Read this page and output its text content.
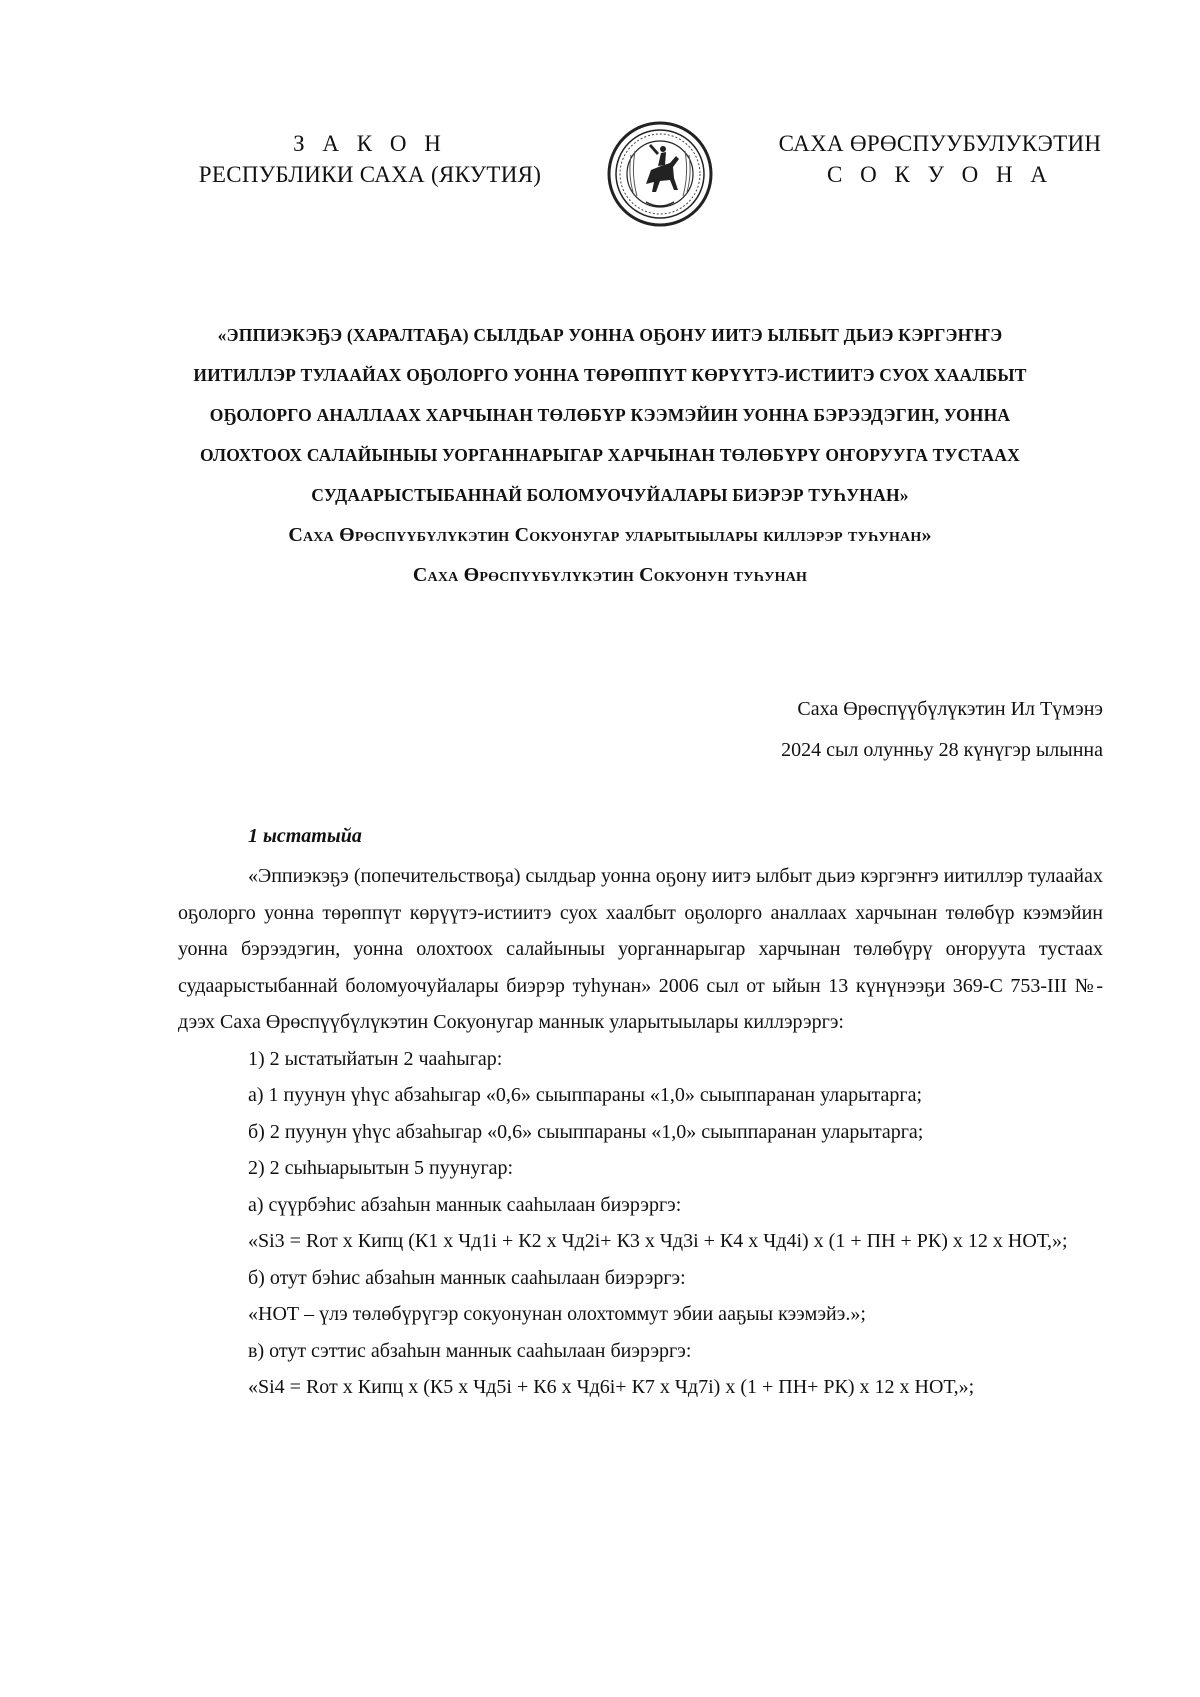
З А К О Н
РЕСПУБЛИКИ САХА (ЯКУТИЯ)
САХА ӨРӨСПУУБУЛУКЭТИН
С О К У О Н А
«ЭППИЭКЭҔЭ (ХАРАЛТАҔА) СЫЛДЬАР УОННА ОҔОНУ ИИТЭ ЫЛБЫТ ДЬИЭ КЭРГЭҤҤЭ
ИИТИЛЛЭР ТУЛААЙАХ ОҔОЛОРГО УОННА ТӨРӨППҮТ КӨРҮҮТЭ-ИСТИИТЭ СУОХ ХААЛБЫТ
ОҔОЛОРГО АНАЛЛААХ ХАРЧЫНАН ТӨЛӨБҮР КЭЭМЭЙИН УОННА БЭРЭЭДЭГИН, УОННА
ОЛОХТООХ САЛАЙЫНЫЫ УОРГАННАРЫГАР ХАРЧЫНАН ТӨЛӨБҮРҮ ОҤОРУУГА ТУСТААХ
СУДААРЫСТЫБАННАЙ БОЛОМУОЧУЙАЛАРЫ БИЭРЭР ТУҺУНАН»
Саха Өрөспүүбүлүкэтин Сокуонугар уларытыылары киллэрэр туһунан»
Саха Өрөспүүбүлүкэтин Сокуонун туһунан
Саха Өрөспүүбүлүкэтин Ил Түмэнэ
2024 сыл олунньу 28 күнүгэр ылынна
1 ыстатыйа

«Эппиэкэҕэ (попечительствоҕа) сылдьар уонна оҕону иитэ ылбыт дьиэ кэргэҥҥэ иитиллэр тулаайах оҕолорго уонна төрөппүт көрүүтэ-истиитэ суох хаалбыт оҕолорго аналлаах харчынан төлөбүр кээмэйин уонна бэрээдэгин, уонна олохтоох салайыныы уорганнарыгар харчынан төлөбүрү оҥоруута тустаах судаарыстыбаннай боломуочуйалары биэрэр туһунан» 2006 сыл от ыйын 13 күнүнээҕи 369-С 753-III №-дээх Саха Өрөспүүбүлүкэтин Сокуонугар маннык уларытыылары киллэрэргэ:

1) 2 ыстатыйатын 2 чааһыгар:

а) 1 пуунун үһүс абзаһыгар «0,6» сыыппараны «1,0» сыыппаранан уларытарга;

б) 2 пуунун үһүс абзаһыгар «0,6» сыыппараны «1,0» сыыппаранан уларытарга;

2) 2 сыһыарыытын 5 пуунугар:

а) сүүрбэһис абзаһын маннык сааһылаан биэрэргэ:

«Si3 = Rот х Кипц (К1 х Чд1i + К2 х Чд2i+ К3 х Чд3i + К4 х Чд4i) х (1 + ПН + РК) х 12 х НОТ,»;

б) отут бэһис абзаһын маннык сааһылаан биэрэргэ:

«НОТ – үлэ төлөбүрүгэр сокуонунан олохтоммут эбии ааҕыы кээмэйэ.»;

в) отут сэттис абзаһын маннык сааһылаан биэрэргэ:

«Si4 = Rот х Кипц х (К5 х Чд5i + К6 х Чд6i+ К7 х Чд7i) х (1 + ПН+ РК) х 12 х НОТ,»;
